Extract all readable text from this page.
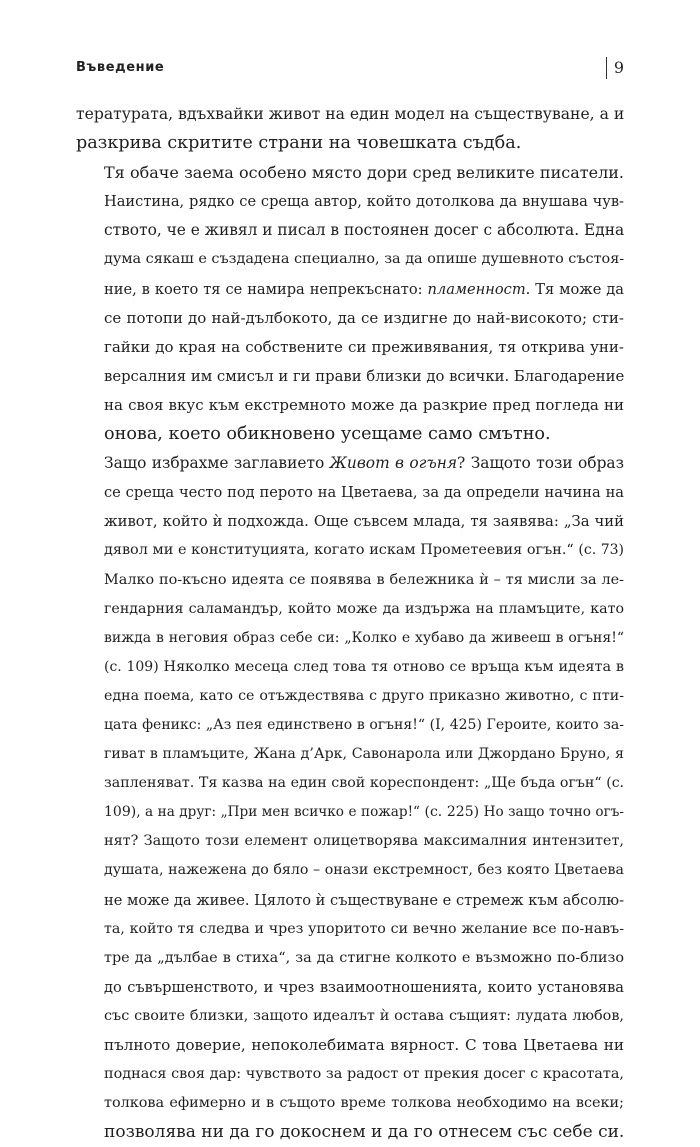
Въведение	9

тературата, вдъхвайки живот на един модел на съществуване, а и
разкрива скритите страни на човешката съдба.

Тя обаче заема особено място дори сред великите писатели.
Наистина, рядко се среща автор, който дотолкова да внушава чув-
ството, че е живял и писал в постоянен досег с абсолюта. Една
дума сякаш е създадена специално, за да опише душевното състоя-
ние, в което тя се намира непрекъснато: пламенност. Тя може да
се потопи до най-дълбокото, да се издигне до най-високото; сти-
гайки до края на собствените си преживявания, тя открива уни-
версалния им смисъл и ги прави близки до всички. Благодарение
на своя вкус към екстремното може да разкрие пред погледа ни
онова, което обикновено усещаме само смътно.

Защо избрахме заглавието Живот в огъня? Защото този образ
се среща често под перото на Цветаева, за да определи начина на
живот, който ѝ подхожда. Още съвсем млада, тя заявява: „За чий
дявол ми е конституцията, когато искам Прометеевия огън.“ (с. 73)
Малко по-късно идеята се появява в бележника ѝ – тя мисли за ле-
гендарния саламандър, който може да издържа на пламъците, като
вижда в неговия образ себе си: „Колко е хубаво да живееш в огъня!“
(с. 109) Няколко месеца след това тя отново се връща към идеята в
една поема, като се отъждествява с друго приказно животно, с пти-
цата феникс: „Аз пея единствено в огъня!“ (I, 425) Героите, които за-
гиват в пламъците, Жана д’Арк, Савонарола или Джордано Бруно, я
запленяват. Тя казва на един свой кореспондент: „Ще бъда огън“ (с.
109), а на друг: „При мен всичко е пожар!“ (с. 225) Но защо точно огъ-
нят? Защото този елемент олицетворява максималния интензитет,
душата, нажежена до бяло – онази екстремност, без която Цветаева
не може да живее. Цялото ѝ съществуване е стремеж към абсолю-
та, който тя следва и чрез упоритото си вечно желание все по-навъ-
тре да „дълбае в стиха“, за да стигне колкото е възможно по-близо
до съвършенството, и чрез взаимоотношенията, които установява
със своите близки, защото идеалът ѝ остава същият: лудата любов,
пълното доверие, непоколебимата вярност. С това Цветаева ни
поднася своя дар: чувството за радост от прекия досег с красотата,
толкова ефимерно и в същото време толкова необходимо на всеки;
позволява ни да го докоснем и да го отнесем със себе си.
